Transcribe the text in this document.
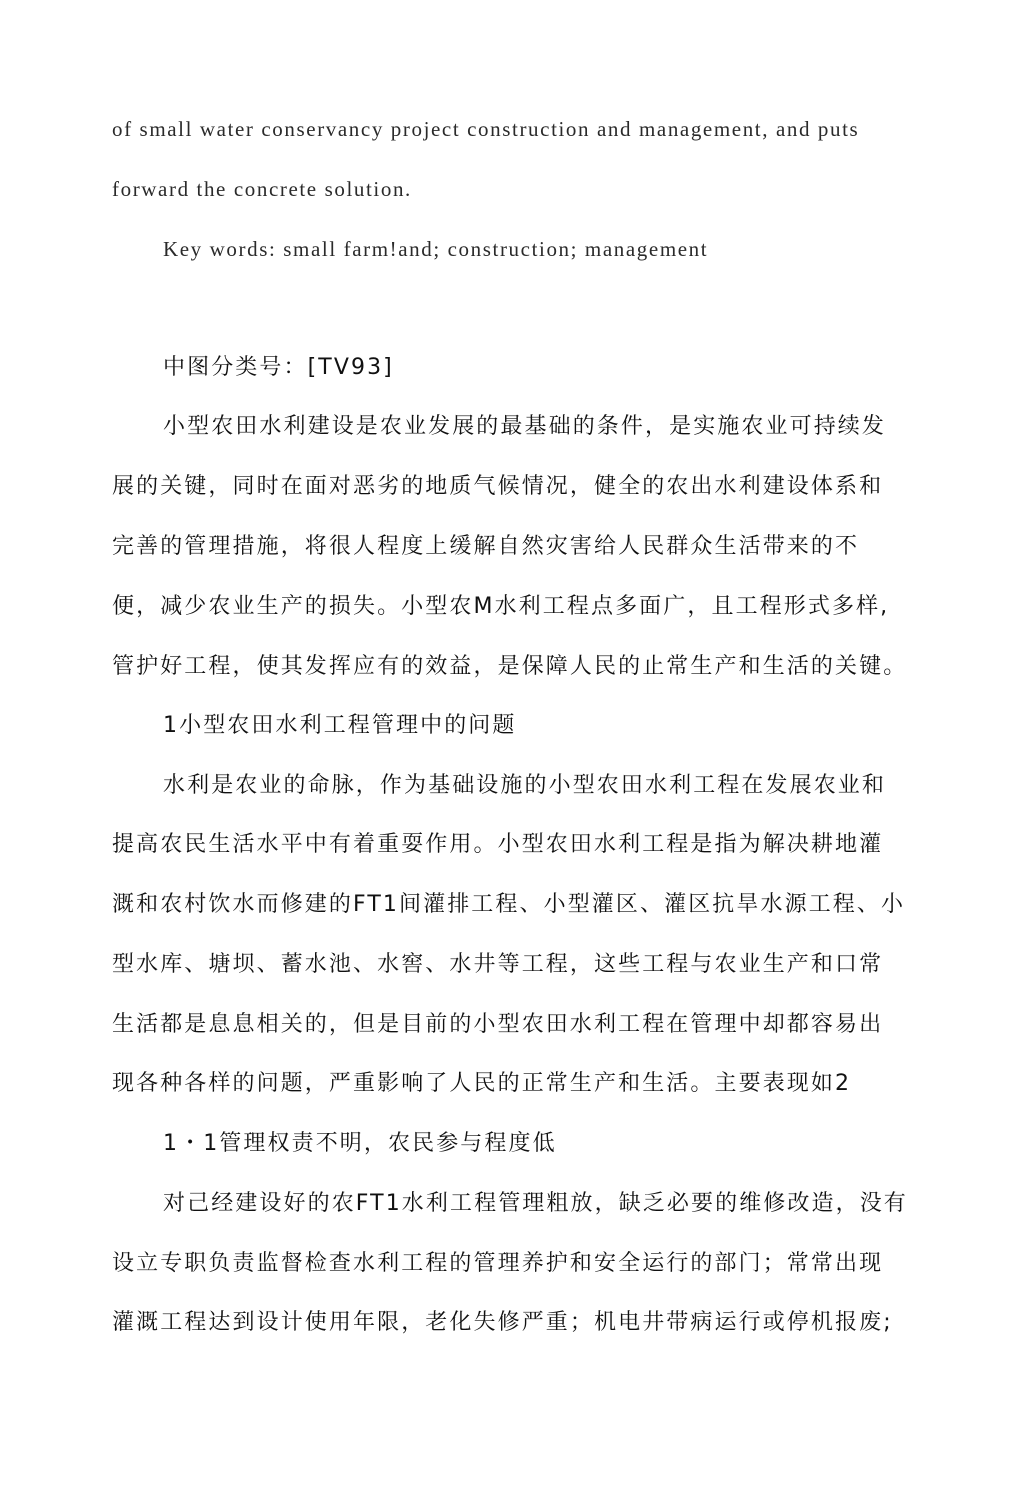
of small water conservancy project construction and management, and puts
forward the concrete solution.
Key words: small farm!and; construction; management
中图分类号：[TV93]
小型农田水利建设是农业发展的最基础的条件，是实施农业可持续发
展的关键，同时在面对恶劣的地质气候情况，健全的农出水利建设体系和
完善的管理措施，将很人程度上缓解自然灾害给人民群众生活带来的不
便，减少农业生产的损失。小型农M水利工程点多面广，且工程形式多样,
管护好工程，使其发挥应有的效益，是保障人民的止常生产和生活的关键。
1小型农田水利工程管理中的问题
水利是农业的命脉，作为基础设施的小型农田水利工程在发展农业和
提高农民生活水平中有着重耍作用。小型农田水利工程是指为解决耕地灌
溉和农村饮水而修建的FT1间灌排工程、小型灌区、灌区抗旱水源工程、小
型水库、塘坝、蓄水池、水窖、水井等工程，这些工程与农业生产和口常
生活都是息息相关的，但是目前的小型农田水利工程在管理中却都容易出
现各种各样的问题，严重影响了人民的正常生产和生活。主要表现如2
1・1管理权责不明，农民参与程度低
对己经建设好的农FT1水利工程管理粗放，缺乏必要的维修改造，没有
设立专职负责监督检查水利工程的管理养护和安全运行的部门；常常出现
灌溉工程达到设计使用年限，老化失修严重；机电井带病运行或停机报废;
